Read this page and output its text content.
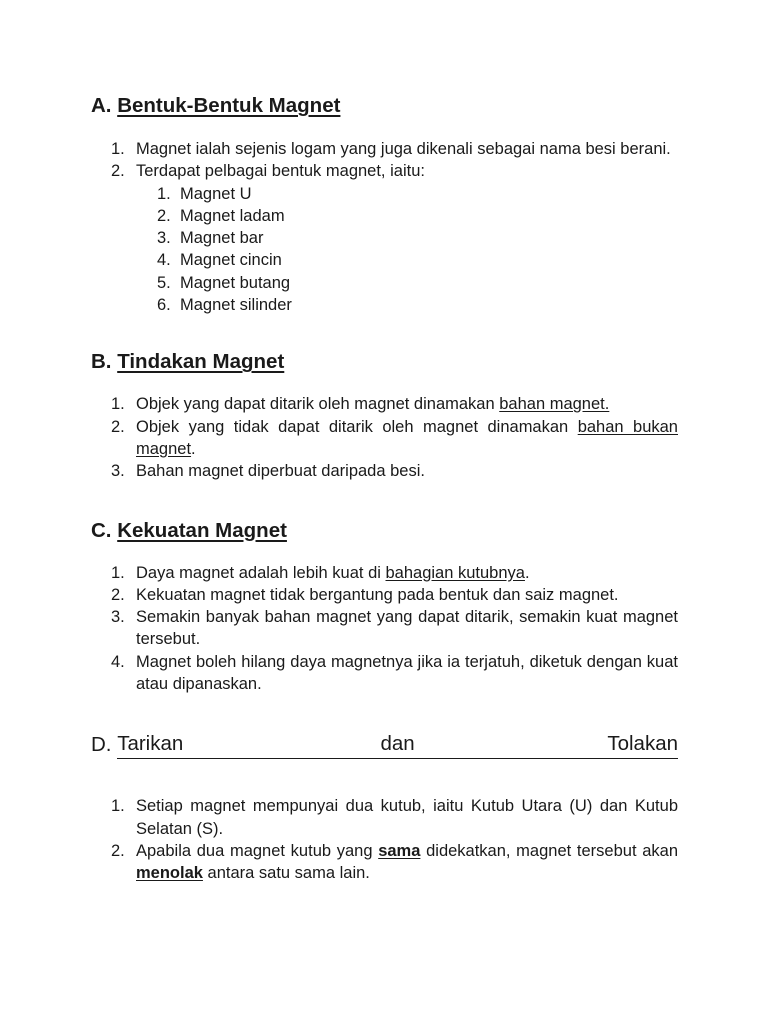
A. Bentuk-Bentuk Magnet
1. Magnet ialah sejenis logam yang juga dikenali sebagai nama besi berani.
2. Terdapat pelbagai bentuk magnet, iaitu:
1. Magnet U
2. Magnet ladam
3. Magnet bar
4. Magnet cincin
5. Magnet butang
6. Magnet silinder
B. Tindakan Magnet
1. Objek yang dapat ditarik oleh magnet dinamakan bahan magnet.
2. Objek yang tidak dapat ditarik oleh magnet dinamakan bahan bukan magnet.
3. Bahan magnet diperbuat daripada besi.
C. Kekuatan Magnet
1. Daya magnet adalah lebih kuat di bahagian kutubnya.
2. Kekuatan magnet tidak bergantung pada bentuk dan saiz magnet.
3. Semakin banyak bahan magnet yang dapat ditarik, semakin kuat magnet tersebut.
4. Magnet boleh hilang daya magnetnya jika ia terjatuh, diketuk dengan kuat atau dipanaskan.
D.
Tarikan	dan	Tolakan
1. Setiap magnet mempunyai dua kutub, iaitu Kutub Utara (U) dan Kutub Selatan (S).
2. Apabila dua magnet kutub yang sama didekatkan, magnet tersebut akan menolak antara satu sama lain.
